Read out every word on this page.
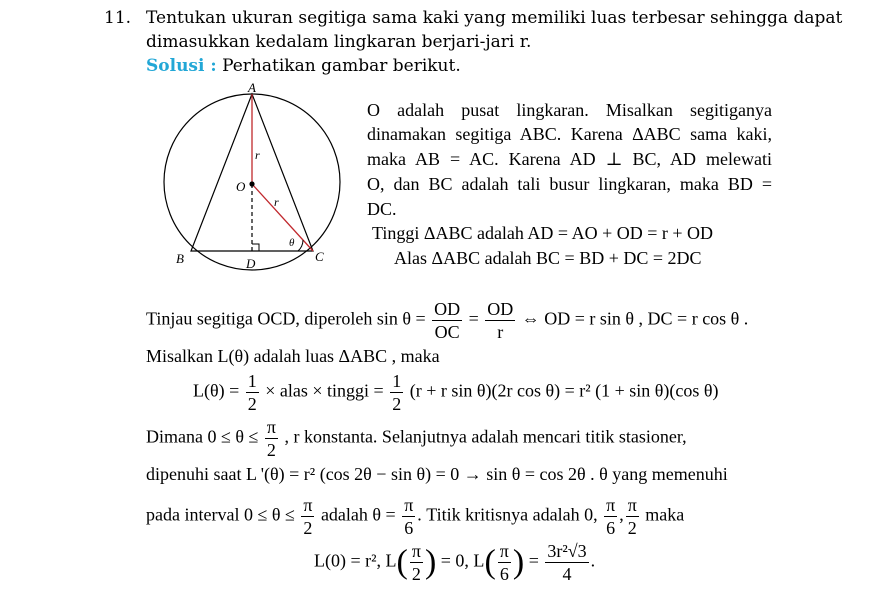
11. Tentukan ukuran segitiga sama kaki yang memiliki luas terbesar sehingga dapat
dimasukkan kedalam lingkaran berjari-jari r.
Solusi : Perhatikan gambar berikut.
A
B	C
D
O
r
r
θ
O adalah pusat lingkaran. Misalkan segitiganya
dinamakan segitiga ABC. Karena ΔABC sama kaki,
maka AB = AC. Karena AD ⊥ BC, AD melewati
O, dan BC adalah tali busur lingkaran, maka BD =
DC.
Tinggi ΔABC adalah AD = AO + OD = r + OD
Alas ΔABC adalah BC = BD + DC = 2DC
Tinjau segitiga OCD, diperoleh $\sin \theta = \frac{OD}{OC} = \frac{OD}{r}$ ⇔ OD = r sin θ , DC = r cos θ .
Misalkan L(θ) adalah luas ΔABC , maka
$L(\theta) = \frac{1}{2}$ × alas × tinggi = $\frac{1}{2} (r + r$ sin θ)(2r cos θ) = r² (1 + sin θ)(cos θ)
Dimana $0 \le \theta \le \frac{\pi}{2}$ , r konstanta. Selanjutnya adalah mencari titik stasioner,
dipenuhi saat L '(θ) = r² (cos 2θ − sin θ) = 0 → sin θ = cos 2θ . θ yang memenuhi
pada interval $0 \le \theta \le \frac{\pi}{2}$ adalah $\theta = \frac{\pi}{6}$ . Titik kritisnya adalah 0, $\frac{\pi}{6}$ , $\frac{\pi}{2}$ maka
L(0) = r², $L( \frac{\pi}{2}$ ) = 0, $L( \frac{\pi}{6}$ ) = $\frac{\text{3r²√3}}{4}$ .
